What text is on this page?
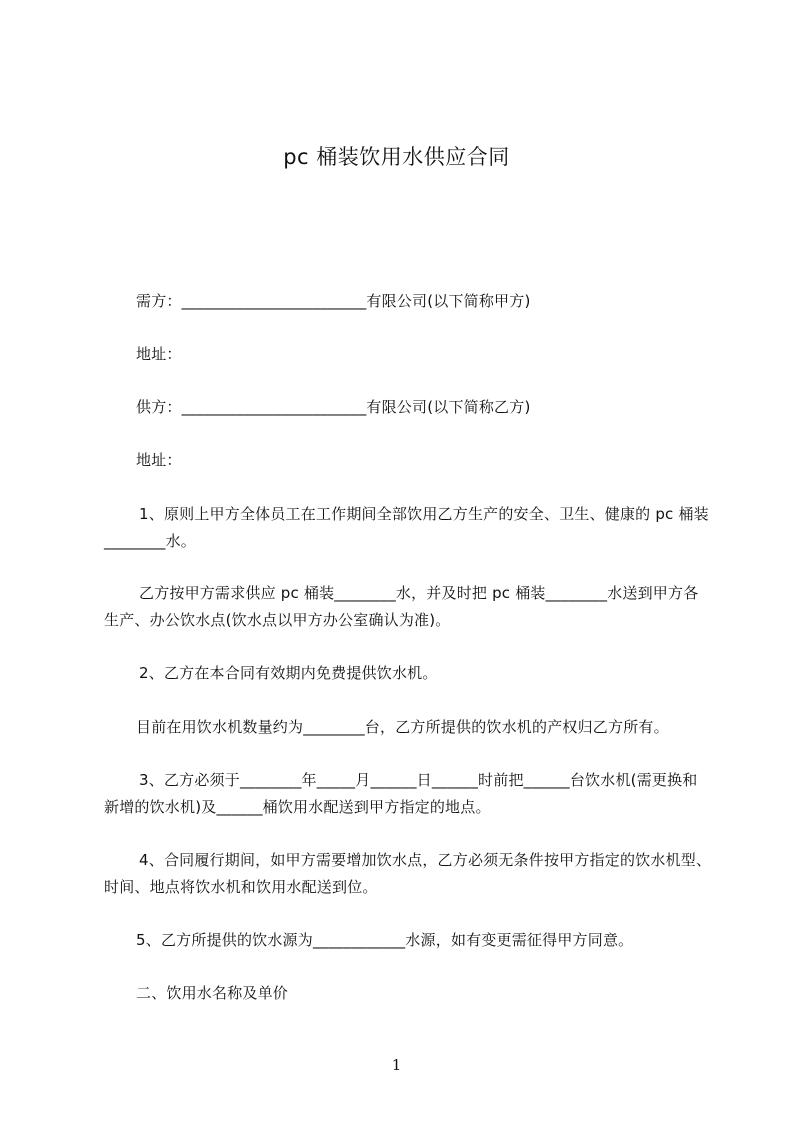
pc 桶装饮用水供应合同

需方：________________________有限公司(以下简称甲方)

地址：

供方：________________________有限公司(以下简称乙方)

地址：

1、原则上甲方全体员工在工作期间全部饮用乙方生产的安全、卫生、健康的 pc 桶装________水。

乙方按甲方需求供应 pc 桶装________水，并及时把 pc 桶装________水送到甲方各生产、办公饮水点(饮水点以甲方办公室确认为准)。

2、乙方在本合同有效期内免费提供饮水机。

目前在用饮水机数量约为________台，乙方所提供的饮水机的产权归乙方所有。

3、乙方必须于________年_____月______日______时前把______台饮水机(需更换和新增的饮水机)及______桶饮用水配送到甲方指定的地点。

4、合同履行期间，如甲方需要增加饮水点，乙方必须无条件按甲方指定的饮水机型、时间、地点将饮水机和饮用水配送到位。

5、乙方所提供的饮水源为____________水源，如有变更需征得甲方同意。

二、饮用水名称及单价

1
